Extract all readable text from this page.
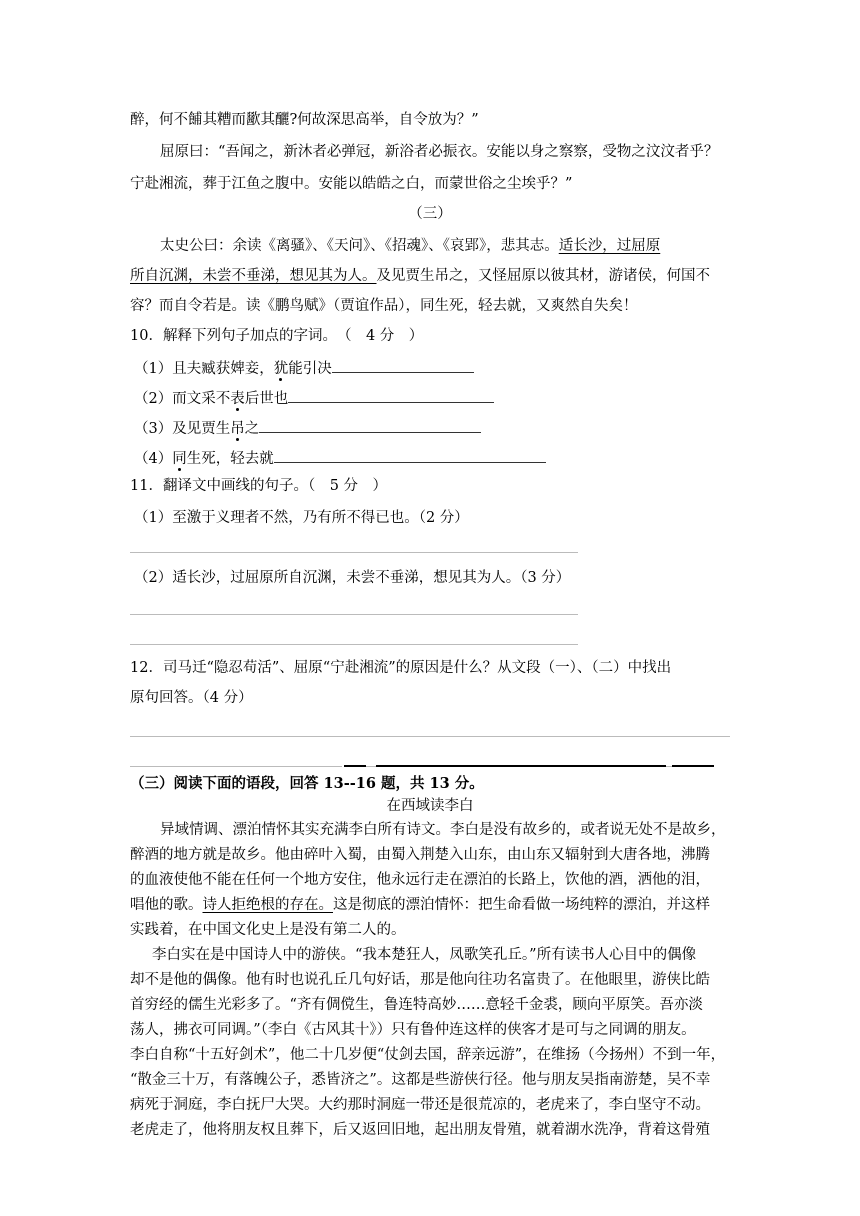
醉，何不餔其糟而歠其釃?何故深思高举，自令放为？”
屈原曰：“吾闻之，新沐者必弹冠，新浴者必振衣。安能以身之察察，受物之汶汶者乎？
宁赴湘流，葬于江鱼之腹中。安能以皓皓之白，而蒙世俗之尘埃乎？”
（三）
太史公曰：余读《离骚》、《天问》、《招魂》、《哀郢》，悲其志。适长沙，过屈原
所自沉渊，未尝不垂涕，想见其为人。及见贾生吊之，又怪屈原以彼其材，游诸侯，何国不
容？而自令若是。读《鹏鸟赋》（贾谊作品），同生死，轻去就，又爽然自失矣！
10．解释下列句子加点的字词。　（　4 分　）
（1）且夫臧获婢妾，犹能引决
（2）而文采不表后世也
（3）及见贾生吊之
（4）同生死，轻去就
11．翻译文中画线的句子。（　5 分　）
（1）至激于义理者不然，乃有所不得已也。（2 分）
（2）适长沙，过屈原所自沉渊，未尝不垂涕，想见其为人。（3 分）
12．司马迁“隐忍苟活”、屈原“宁赴湘流”的原因是什么？从文段（一）、（二）中找出
原句回答。（4 分）
（三）阅读下面的语段，回答 13--16 题，共 13 分。
在西域读李白
异域情调、漂泊情怀其实充满李白所有诗文。李白是没有故乡的，或者说无处不是故乡，
醉酒的地方就是故乡。他由碎叶入蜀，由蜀入荆楚入山东，由山东又辐射到大唐各地，沸腾
的血液使他不能在任何一个地方安住，他永远行走在漂泊的长路上，饮他的酒，洒他的泪，
唱他的歌。诗人拒绝根的存在。这是彻底的漂泊情怀：把生命看做一场纯粹的漂泊，并这样
实践着，在中国文化史上是没有第二人的。
李白实在是中国诗人中的游侠。“我本楚狂人，凤歌笑孔丘。”所有读书人心目中的偶像
却不是他的偶像。他有时也说孔丘几句好话，那是他向往功名富贵了。在他眼里，游侠比皓
首穷经的儒生光彩多了。“齐有倜傥生，鲁连特高妙……意轻千金裘，顾向平原笑。吾亦淡
荡人，拂衣可同调。”（李白《古风其十》）只有鲁仲连这样的侠客才是可与之同调的朋友。
李白自称“十五好剑术”，他二十几岁便“仗剑去国，辞亲远游”，在维扬（今扬州）不到一年，
“散金三十万，有落魄公子，悉皆济之”。这都是些游侠行径。他与朋友吴指南游楚，吴不幸
病死于洞庭，李白抚尸大哭。大约那时洞庭一带还是很荒凉的，老虎来了，李白坚守不动。
老虎走了，他将朋友权且葬下，后又返回旧地，起出朋友骨殖，就着湖水洗净，背着这骨殖
